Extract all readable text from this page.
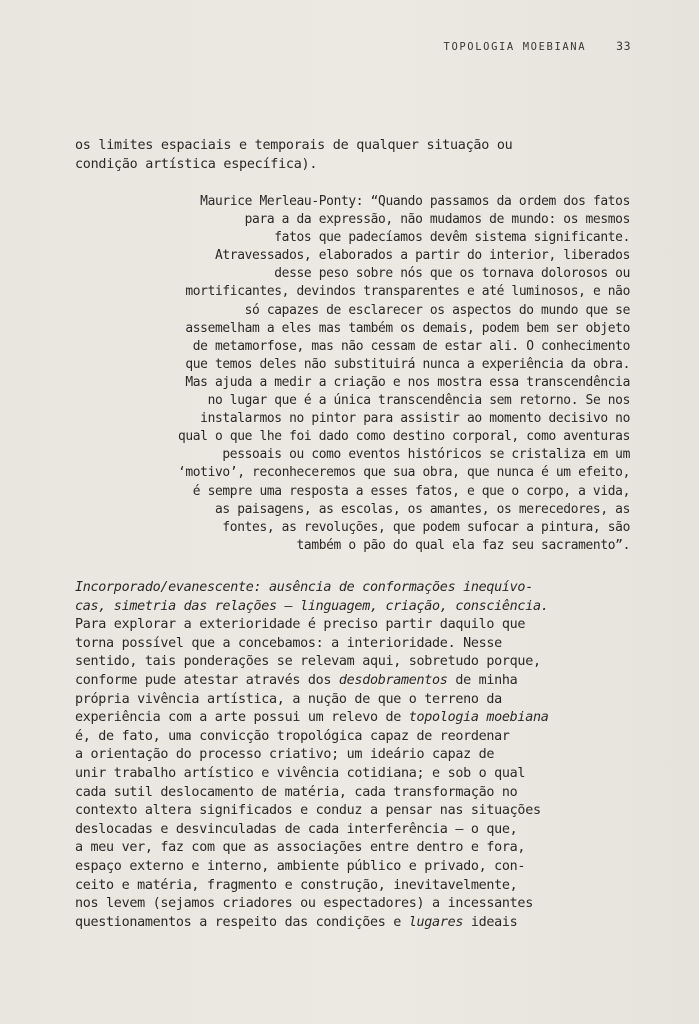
TOPOLOGIA MOEBIANA	33
os limites espaciais e temporais de qualquer situação ou
condição artística específica).
Maurice Merleau-Ponty: “Quando passamos da ordem dos fatos
para a da expressão, não mudamos de mundo: os mesmos
fatos que padecíamos devêm sistema significante.
Atravessados, elaborados a partir do interior, liberados
desse peso sobre nós que os tornava dolorosos ou
mortificantes, devindos transparentes e até luminosos, e não
só capazes de esclarecer os aspectos do mundo que se
assemelham a eles mas também os demais, podem bem ser objeto
de metamorfose, mas não cessam de estar ali. O conhecimento
que temos deles não substituirá nunca a experiência da obra.
Mas ajuda a medir a criação e nos mostra essa transcendência
no lugar que é a única transcendência sem retorno. Se nos
instalarmos no pintor para assistir ao momento decisivo no
qual o que lhe foi dado como destino corporal, como aventuras
pessoais ou como eventos históricos se cristaliza em um
‘motivo’, reconheceremos que sua obra, que nunca é um efeito,
é sempre uma resposta a esses fatos, e que o corpo, a vida,
as paisagens, as escolas, os amantes, os merecedores, as
fontes, as revoluções, que podem sufocar a pintura, são
também o pão do qual ela faz seu sacramento”.
Incorporado/evanescente: ausência de conformações inequívo-
cas, simetria das relações – linguagem, criação, consciência.
Para explorar a exterioridade é preciso partir daquilo que
torna possível que a concebamos: a interioridade. Nesse
sentido, tais ponderações se relevam aqui, sobretudo porque,
conforme pude atestar através dos desdobramentos de minha
própria vivência artística, a nução de que o terreno da
experiência com a arte possui um relevo de topologia moebiana
é, de fato, uma convicção tropológica capaz de reordenar
a orientação do processo criativo; um ideário capaz de
unir trabalho artístico e vivência cotidiana; e sob o qual
cada sutil deslocamento de matéria, cada transformação no
contexto altera significados e conduz a pensar nas situações
deslocadas e desvinculadas de cada interferência – o que,
a meu ver, faz com que as associações entre dentro e fora,
espaço externo e interno, ambiente público e privado, con-
ceito e matéria, fragmento e construção, inevitavelmente,
nos levem (sejamos criadores ou espectadores) a incessantes
questionamentos a respeito das condições e lugares ideais
